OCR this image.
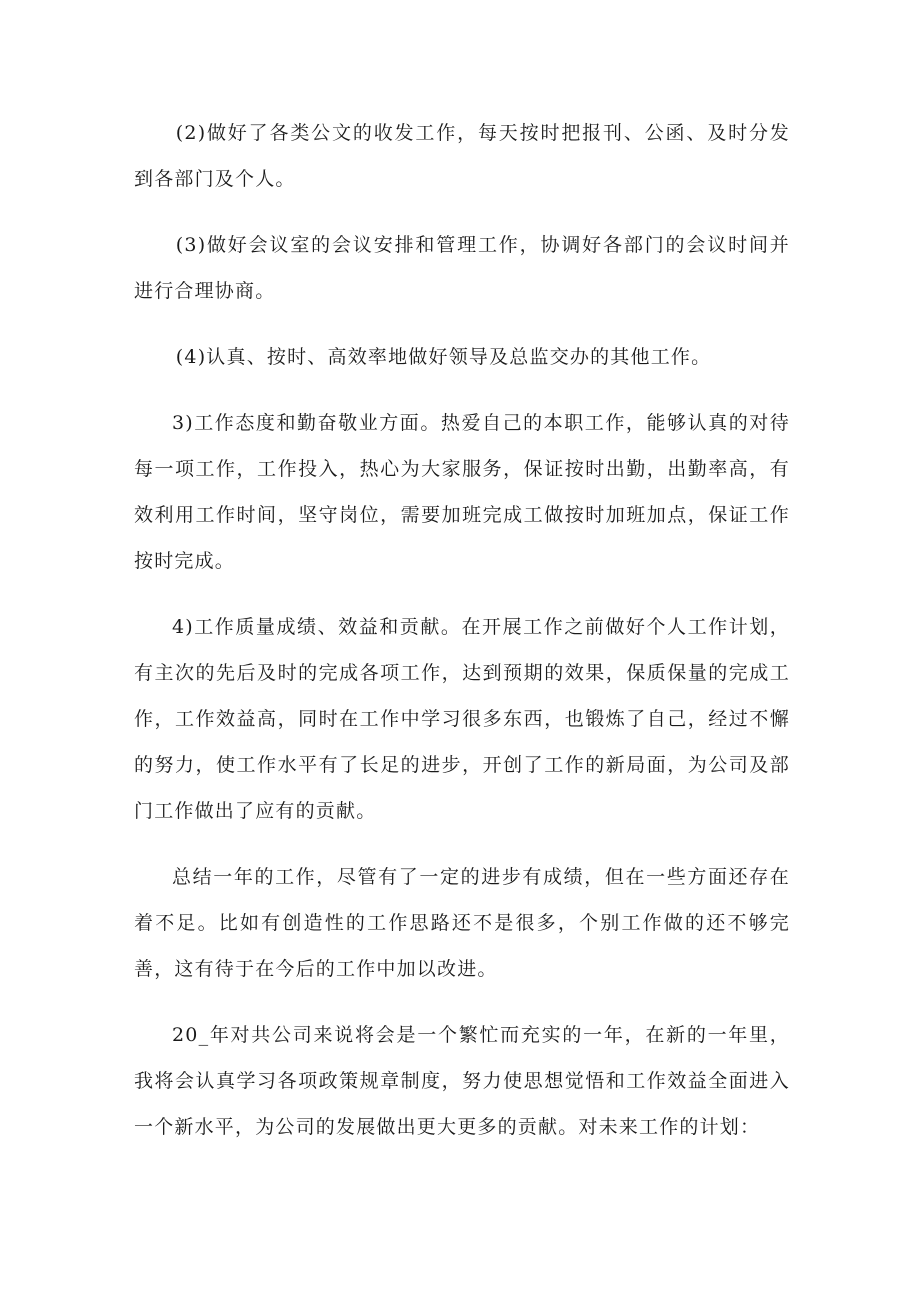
(2)做好了各类公文的收发工作，每天按时把报刊、公函、及时分发到各部门及个人。

(3)做好会议室的会议安排和管理工作，协调好各部门的会议时间并进行合理协商。

(4)认真、按时、高效率地做好领导及总监交办的其他工作。

3)工作态度和勤奋敬业方面。热爱自己的本职工作，能够认真的对待每一项工作，工作投入，热心为大家服务，保证按时出勤，出勤率高，有效利用工作时间，坚守岗位，需要加班完成工做按时加班加点，保证工作按时完成。

4)工作质量成绩、效益和贡献。在开展工作之前做好个人工作计划，有主次的先后及时的完成各项工作，达到预期的效果，保质保量的完成工作，工作效益高，同时在工作中学习很多东西，也锻炼了自己，经过不懈的努力，使工作水平有了长足的进步，开创了工作的新局面，为公司及部门工作做出了应有的贡献。

总结一年的工作，尽管有了一定的进步有成绩，但在一些方面还存在着不足。比如有创造性的工作思路还不是很多，个别工作做的还不够完善，这有待于在今后的工作中加以改进。

20_年对共公司来说将会是一个繁忙而充实的一年，在新的一年里，我将会认真学习各项政策规章制度，努力使思想觉悟和工作效益全面进入一个新水平，为公司的发展做出更大更多的贡献。对未来工作的计划：
